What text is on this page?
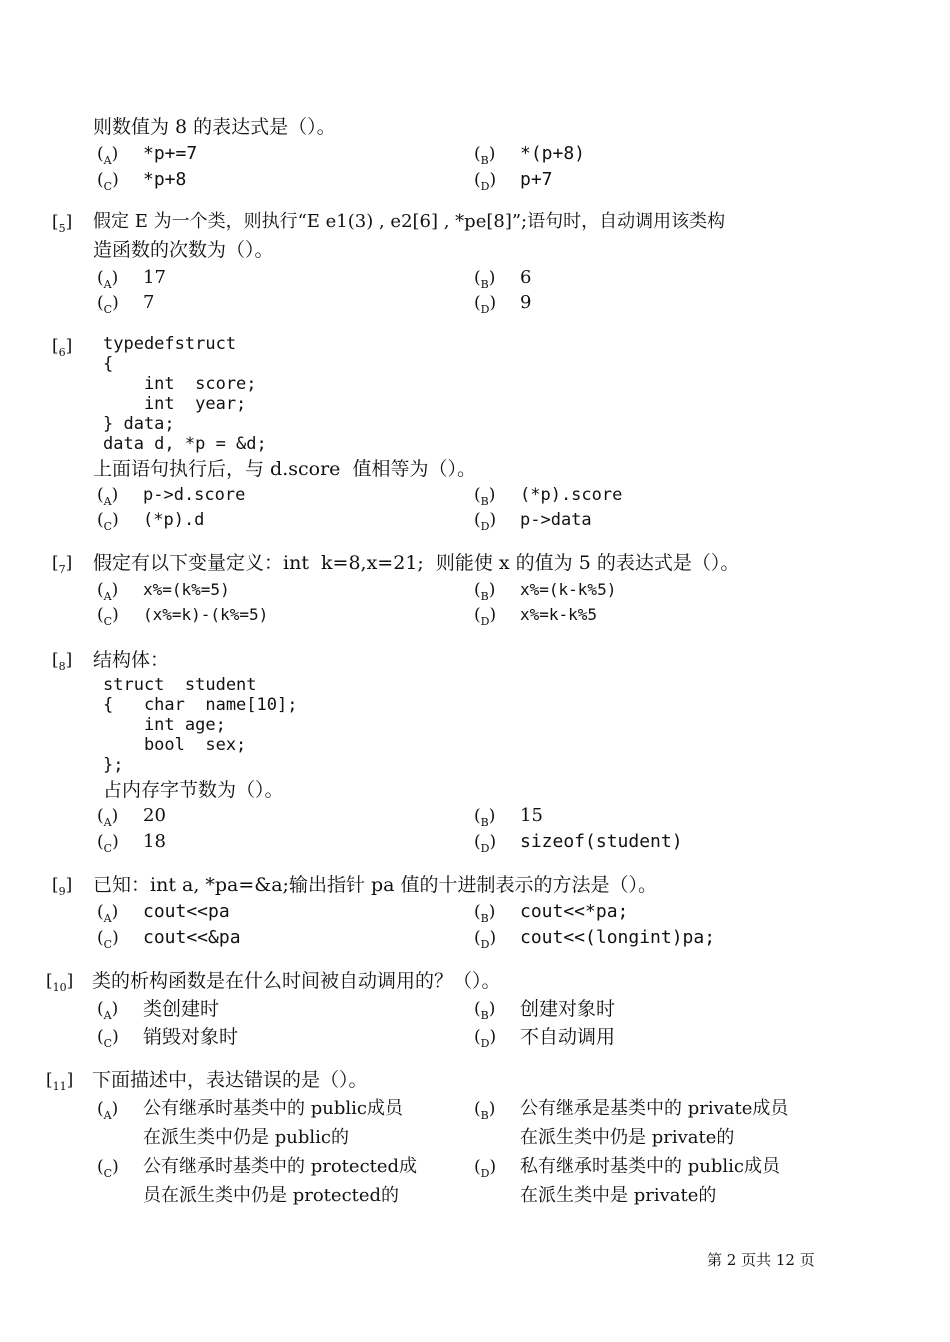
则数值为 8 的表达式是（）。
$(_A)$ *p+=7	$(_B)$ *(p+8)
$(_C)$ *p+8	$(_D)$ p+7
$[_5]$ 假定 E 为一个类，则执行“E e1(3) , e2[6] , *pe[8]”;语句时，自动调用该类构
造函数的次数为（）。
$(_A)$ 17	$(_B)$ 6
$(_C)$ 7	$(_D)$ 9
$[_6]$ typedefstruct
{
int  score;
int  year;
} data;
data d, *p = &d;
上面语句执行后，与 d.score  值相等为（）。
$(_A)$ p->d.score	$(_B)$ (*p).score
$(_C)$ (*p).d	$(_D)$ p->data
$[_7]$ 假定有以下变量定义：int  k=8,x=21;  则能使 x 的值为 5 的表达式是（）。
$(_A)$ x%=(k%=5)	$(_B)$ x%=(k-k%5)
$(_C)$ (x%=k)-(k%=5)	$(_D)$ x%=k-k%5
$[_8]$ 结构体：
struct  student
{   char  name[10];
int age;
bool  sex;
};
占内存字节数为（）。
$(_A)$ 20	$(_B)$ 15
$(_C)$ 18	$(_D)$ sizeof(student)
$[_9]$ 已知：int a, *pa=&a;输出指针 pa 值的十进制表示的方法是（）。
$(_A)$ cout<<pa	$(_B)$ cout<<*pa;
$(_C)$ cout<<&pa	$(_D)$ cout<<(longint)pa;
$[_{10}]$ 类的析构函数是在什么时间被自动调用的？（）。
$(_A)$ 类创建时	$(_B)$ 创建对象时
$(_C)$ 销毁对象时	$(_D)$ 不自动调用
$[_{11}]$ 下面描述中，表达错误的是（）。
$(_A)$ 公有继承时基类中的 public成员
在派生类中仍是 public的
$(_B)$ 公有继承是基类中的 private成员
在派生类中仍是 private的
$(_C)$ 公有继承时基类中的 protected成
员在派生类中仍是 protected的
$(_D)$ 私有继承时基类中的 public成员
在派生类中是 private的
第 2 页共 12 页
